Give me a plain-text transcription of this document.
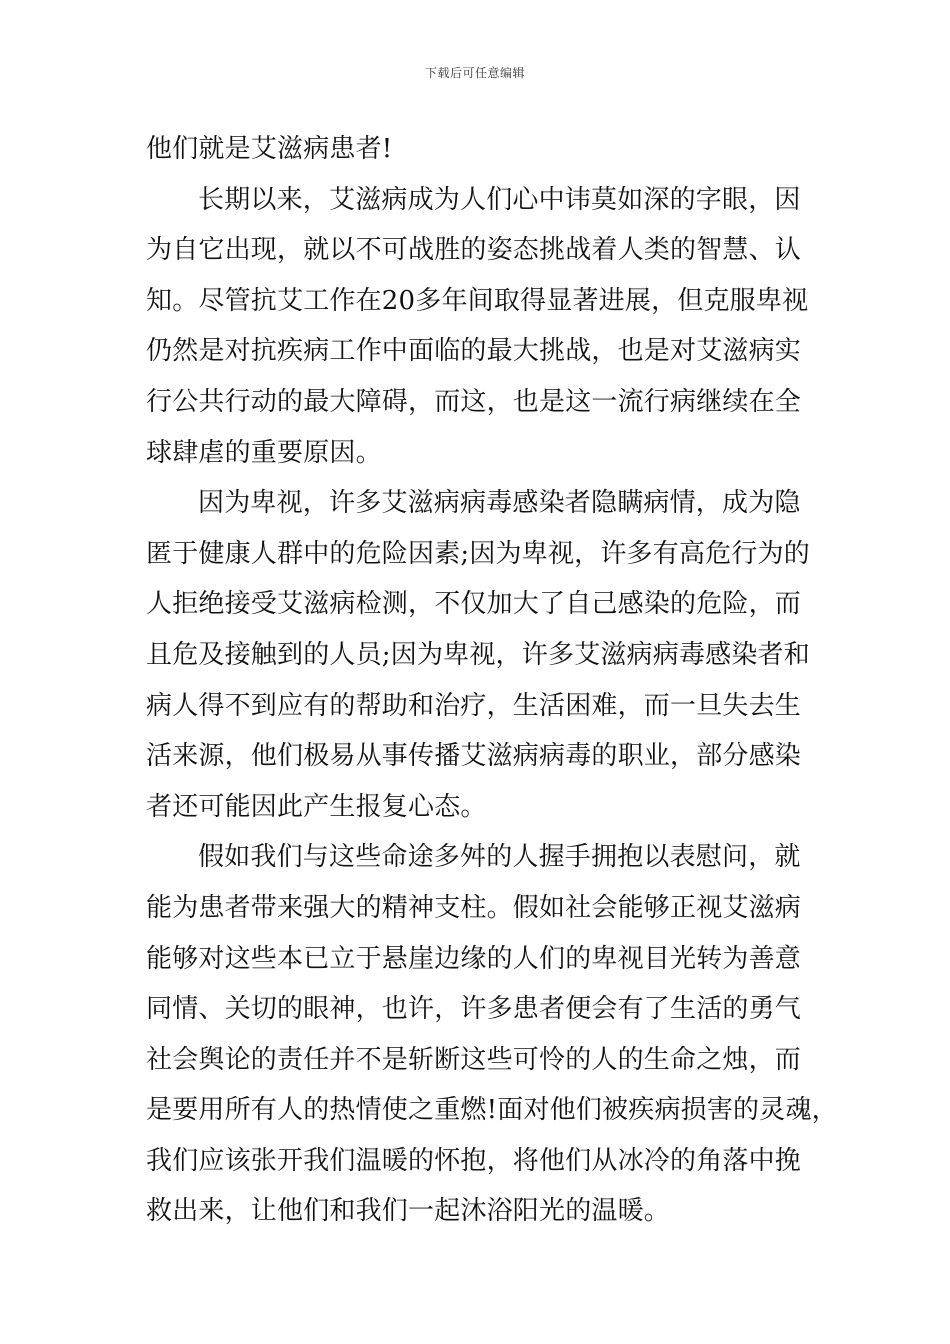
下载后可任意编辑
他们就是艾滋病患者!
长期以来，艾滋病成为人们心中讳莫如深的字眼，因
为自它出现，就以不可战胜的姿态挑战着人类的智慧、认
知。尽管抗艾工作在20多年间取得显著进展，但克服卑视
仍然是对抗疾病工作中面临的最大挑战，也是对艾滋病实
行公共行动的最大障碍，而这，也是这一流行病继续在全
球肆虐的重要原因。
因为卑视，许多艾滋病病毒感染者隐瞒病情，成为隐
匿于健康人群中的危险因素;因为卑视，许多有高危行为的
人拒绝接受艾滋病检测，不仅加大了自己感染的危险，而
且危及接触到的人员;因为卑视，许多艾滋病病毒感染者和
病人得不到应有的帮助和治疗，生活困难，而一旦失去生
活来源，他们极易从事传播艾滋病病毒的职业，部分感染
者还可能因此产生报复心态。
假如我们与这些命途多舛的人握手拥抱以表慰问，就
能为患者带来强大的精神支柱。假如社会能够正视艾滋病
能够对这些本已立于悬崖边缘的人们的卑视目光转为善意
同情、关切的眼神，也许，许多患者便会有了生活的勇气
社会舆论的责任并不是斩断这些可怜的人的生命之烛，而
是要用所有人的热情使之重燃!面对他们被疾病损害的灵魂，
我们应该张开我们温暖的怀抱，将他们从冰冷的角落中挽
救出来，让他们和我们一起沐浴阳光的温暖。
